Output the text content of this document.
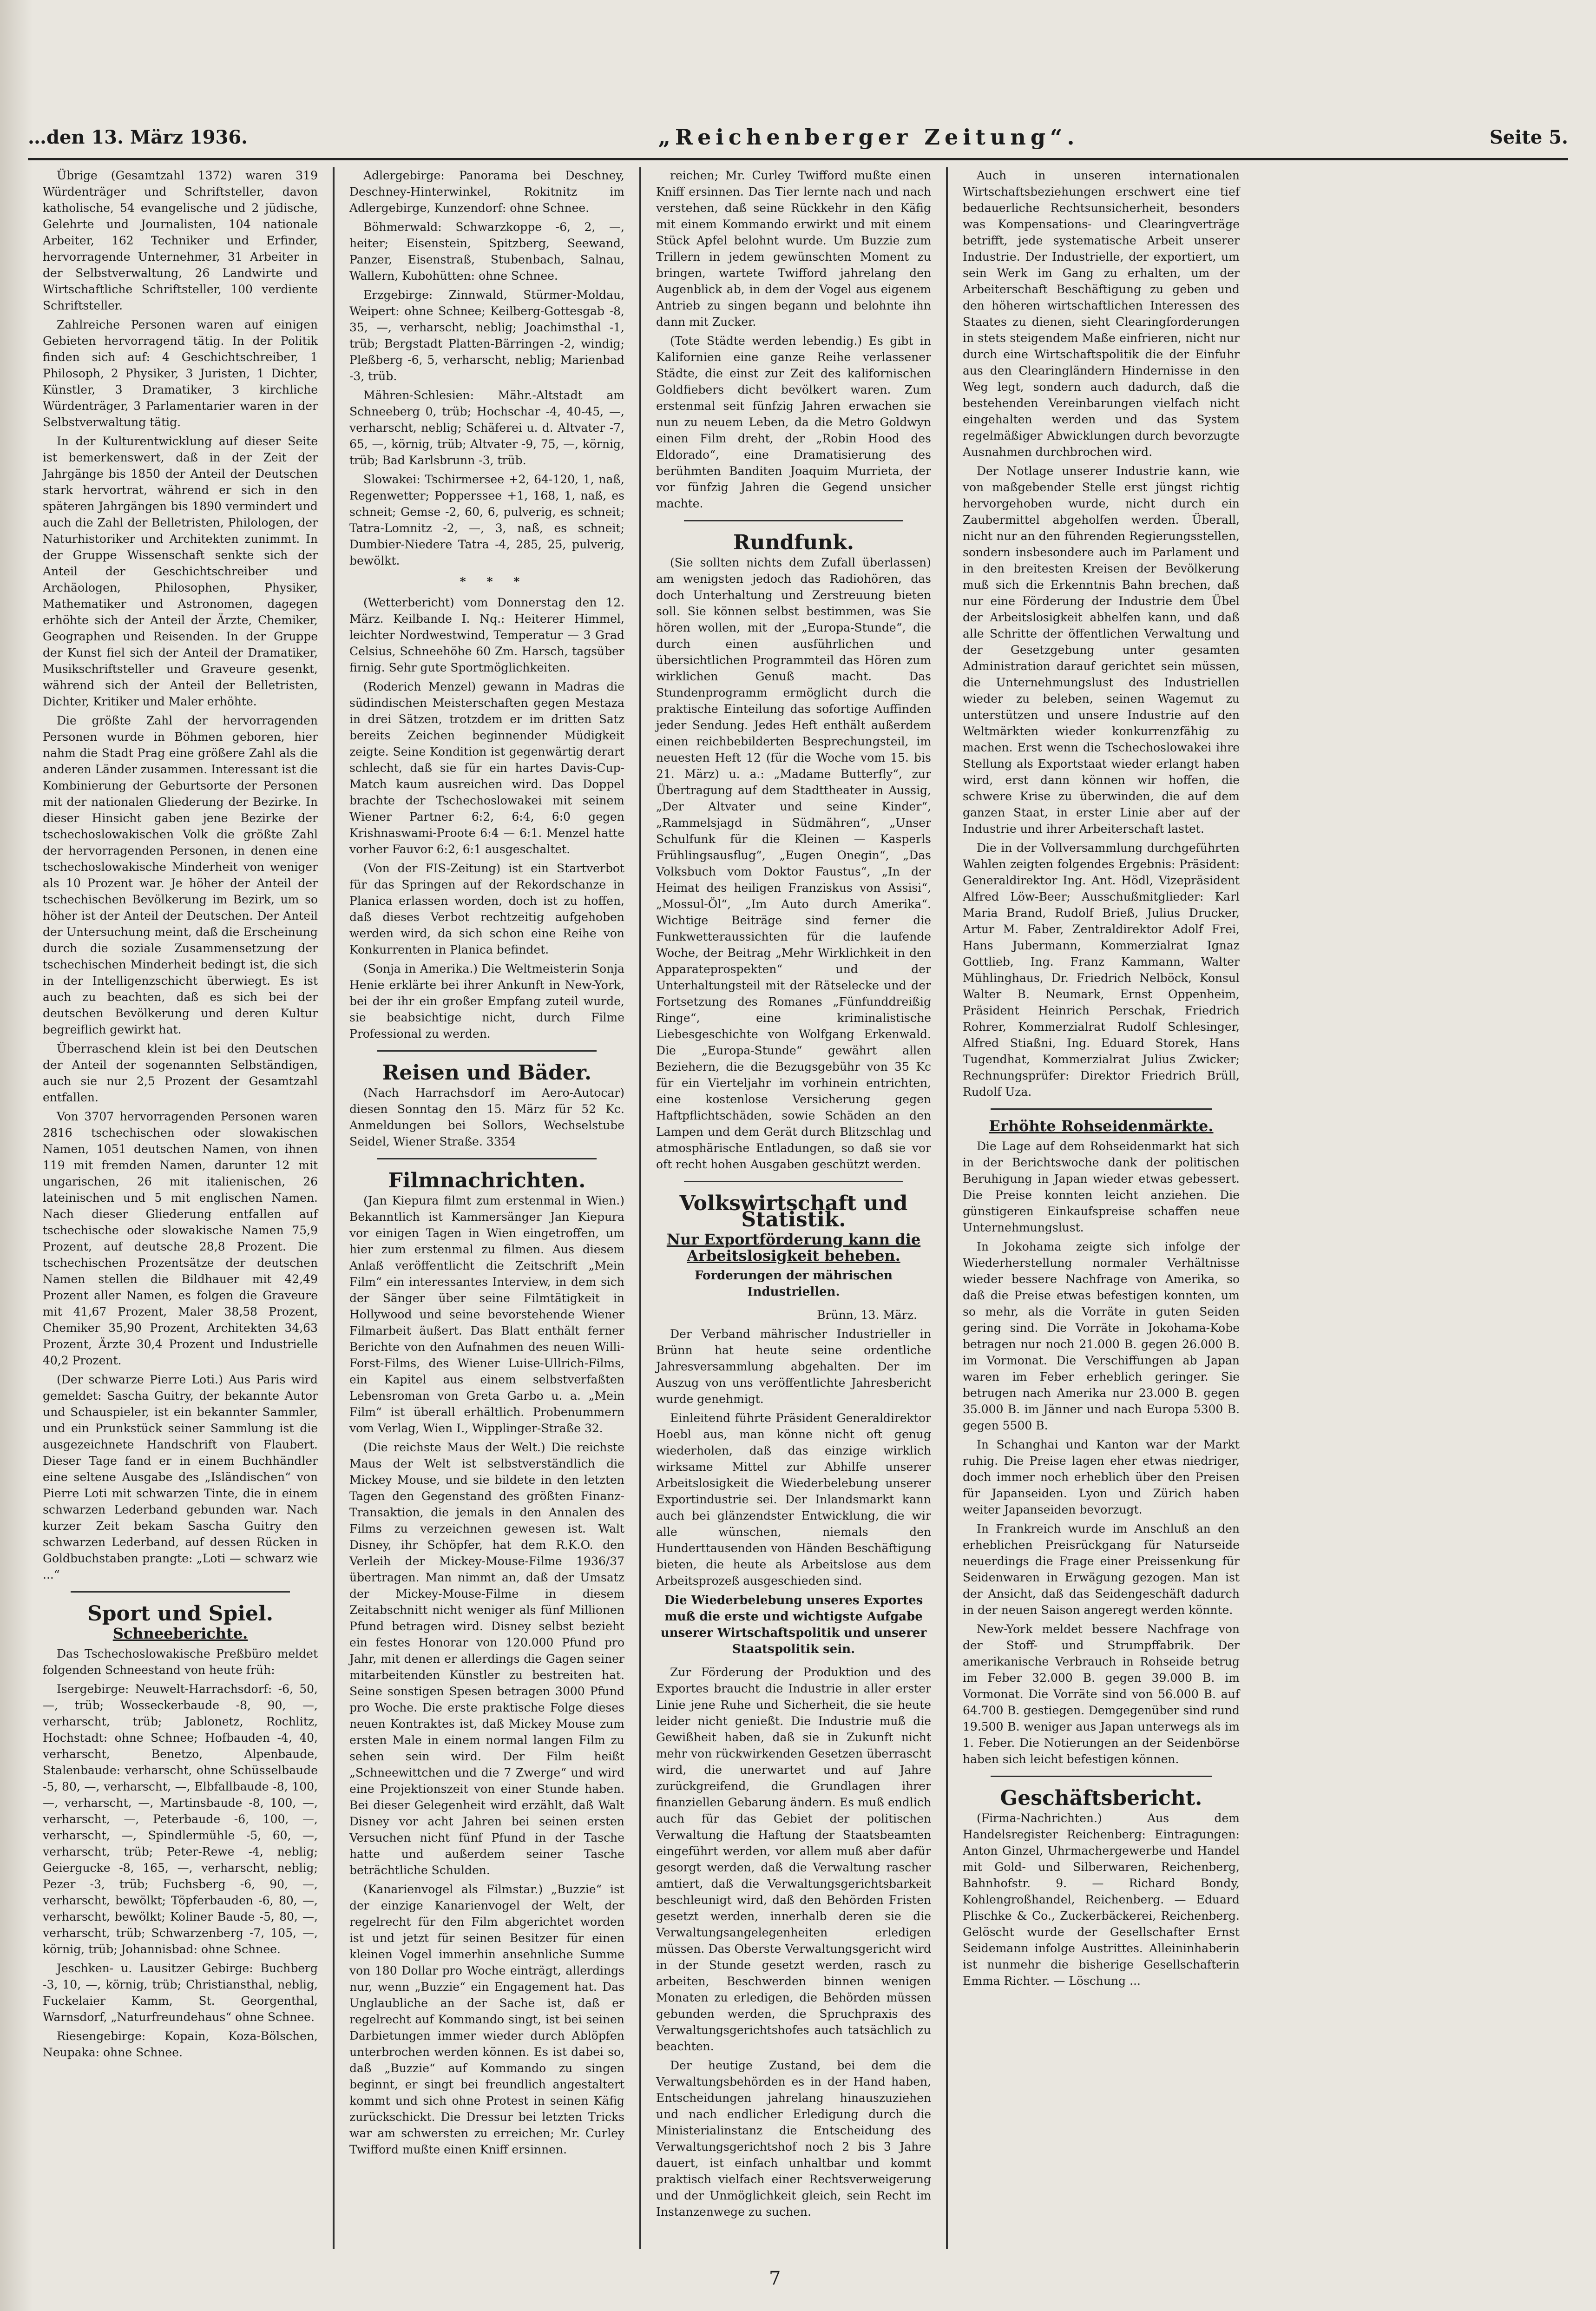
…den 13. März 1936.	„Reichenberger Zeitung“.	Seite 5.

Übrige (Gesamtzahl 1372) waren 319 Würdenträger und Schriftsteller, davon katholische, 54 evangelische und 2 jüdische, Gelehrte und Journalisten, 104 nationale Arbeiter, 162 Techniker und Erfinder, hervorragende Unternehmer, 31 Arbeiter in der Selbstverwaltung, 26 Landwirte und Wirtschaftliche Schriftsteller, 100 verdiente Schriftsteller.

Zahlreiche Personen waren auf einigen Gebieten hervorragend tätig. In der Politik finden sich auf: 4 Geschichtschreiber, 1 Philosoph, 2 Physiker, 3 Juristen, 1 Dichter, Künstler, 3 Dramatiker, 3 kirchliche Würdenträger, 3 Parlamentarier waren in der Selbstverwaltung tätig.

In der Kulturentwicklung auf dieser Seite ist bemerkenswert, daß in der Zeit der Jahrgänge bis 1850 der Anteil der Deutschen stark hervortrat, während er sich in den späteren Jahrgängen bis 1890 vermindert und auch die Zahl der Belletristen, Philologen, der Naturhistoriker und Architekten zunimmt. In der Gruppe Wissenschaft senkte sich der Anteil der Geschichtschreiber und Archäologen, Philosophen, Physiker, Mathematiker und Astronomen, dagegen erhöhte sich der Anteil der Ärzte, Chemiker, Geographen und Reisenden. In der Gruppe der Kunst fiel sich der Anteil der Dramatiker, Musikschriftsteller und Graveure gesenkt, während sich der Anteil der Belletristen, Dichter, Kritiker und Maler erhöhte.

Die größte Zahl der hervorragenden Personen wurde in Böhmen geboren, hier nahm die Stadt Prag eine größere Zahl als die anderen Länder zusammen. Interessant ist die Kombinierung der Geburtsorte der Personen mit der nationalen Gliederung der Bezirke. In dieser Hinsicht gaben jene Bezirke der tschechoslowakischen Volk die größte Zahl der hervorragenden Personen, in denen eine tschechoslowakische Minderheit von weniger als 10 Prozent war. Je höher der Anteil der tschechischen Bevölkerung im Bezirk, um so höher ist der Anteil der Deutschen. Der Anteil der Untersuchung meint, daß die Erscheinung durch die soziale Zusammensetzung der tschechischen Minderheit bedingt ist, die sich in der Intelligenzschicht überwiegt. Es ist auch zu beachten, daß es sich bei der deutschen Bevölkerung und deren Kultur begreiflich gewirkt hat.

Überraschend klein ist bei den Deutschen der Anteil der sogenannten Selbständigen, auch sie nur 2,5 Prozent der Gesamtzahl entfallen.

Von 3707 hervorragenden Personen waren 2816 tschechischen oder slowakischen Namen, 1051 deutschen Namen, von ihnen 119 mit fremden Namen, darunter 12 mit ungarischen, 26 mit italienischen, 26 lateinischen und 5 mit englischen Namen. Nach dieser Gliederung entfallen auf tschechische oder slowakische Namen 75,9 Prozent, auf deutsche 28,8 Prozent. Die tschechischen Prozentsätze der deutschen Namen stellen die Bildhauer mit 42,49 Prozent aller Namen, es folgen die Graveure mit 41,67 Prozent, Maler 38,58 Prozent, Chemiker 35,90 Prozent, Architekten 34,63 Prozent, Ärzte 30,4 Prozent und Industrielle 40,2 Prozent.

(Der schwarze Pierre Loti.) Aus Paris wird gemeldet: Sascha Guitry, der bekannte Autor und Schauspieler, ist ein bekannter Sammler, und ein Prunkstück seiner Sammlung ist die ausgezeichnete Handschrift von Flaubert. Dieser Tage fand er in einem Buchhändler eine seltene Ausgabe des „Isländischen“ von Pierre Loti mit schwarzen Tinte, die in einem schwarzen Lederband gebunden war. Nach kurzer Zeit bekam Sascha Guitry den schwarzen Lederband, auf dessen Rücken in Goldbuchstaben prangte: „Loti — schwarz wie ...“

Sport und Spiel.

Schneeberichte.

Das Tschechoslowakische Preßbüro meldet folgenden Schneestand von heute früh:

Isergebirge: Neuwelt-Harrachsdorf: -6, 50, —, trüb; Wosseckerbaude -8, 90, —, verharscht, trüb; Jablonetz, Rochlitz, Hochstadt: ohne Schnee; Hofbauden -4, 40, verharscht, Benetzo, Alpenbaude, Stalenbaude: verharscht, ohne Schüsselbaude -5, 80, —, verharscht, —, Elbfallbaude -8, 100, —, verharscht, —, Martinsbaude -8, 100, —, verharscht, —, Peterbaude -6, 100, —, verharscht, —, Spindlermühle -5, 60, —, verharscht, trüb; Peter-Rewe -4, neblig; Geiergucke -8, 165, —, verharscht, neblig; Pezer -3, trüb; Fuchsberg -6, 90, —, verharscht, bewölkt; Töpferbauden -6, 80, —, verharscht, bewölkt; Koliner Baude -5, 80, —, verharscht, trüb; Schwarzenberg -7, 105, —, körnig, trüb; Johannisbad: ohne Schnee.

Jeschken- u. Lausitzer Gebirge: Buchberg -3, 10, —, körnig, trüb; Christiansthal, neblig, Fuckelaier Kamm, St. Georgenthal, Warnsdorf, „Naturfreundehaus“ ohne Schnee.

Riesengebirge: Kopain, Koza-Bölschen, Neupaka: ohne Schnee.

Adlergebirge: Panorama bei Deschney, Deschney-Hinterwinkel, Rokitnitz im Adlergebirge, Kunzendorf: ohne Schnee.

Böhmerwald: Schwarzkoppe -6, 2, —, heiter; Eisenstein, Spitzberg, Seewand, Panzer, Eisenstraß, Stubenbach, Salnau, Wallern, Kubohütten: ohne Schnee.

Erzgebirge: Zinnwald, Stürmer-Moldau, Weipert: ohne Schnee; Keilberg-Gottesgab -8, 35, —, verharscht, neblig; Joachimsthal -1, trüb; Bergstadt Platten-Bärringen -2, windig; Pleßberg -6, 5, verharscht, neblig; Marienbad -3, trüb.

Mähren-Schlesien: Mähr.-Altstadt am Schneeberg 0, trüb; Hochschar -4, 40-45, —, verharscht, neblig; Schäferei u. d. Altvater -7, 65, —, körnig, trüb; Altvater -9, 75, —, körnig, trüb; Bad Karlsbrunn -3, trüb.

Slowakei: Tschirmersee +2, 64-120, 1, naß, Regenwetter; Popperssee +1, 168, 1, naß, es schneit; Gemse -2, 60, 6, pulverig, es schneit; Tatra-Lomnitz -2, —, 3, naß, es schneit; Dumbier-Niedere Tatra -4, 285, 25, pulverig, bewölkt.

* * *

(Wetterbericht) vom Donnerstag den 12. März. Keilbande I. Nq.: Heiterer Himmel, leichter Nordwestwind, Temperatur — 3 Grad Celsius, Schneehöhe 60 Zm. Harsch, tagsüber firnig. Sehr gute Sportmöglichkeiten.

(Roderich Menzel) gewann in Madras die südindischen Meisterschaften gegen Mestaza in drei Sätzen, trotzdem er im dritten Satz bereits Zeichen beginnender Müdigkeit zeigte. Seine Kondition ist gegenwärtig derart schlecht, daß sie für ein hartes Davis-Cup-Match kaum ausreichen wird. Das Doppel brachte der Tschechoslowakei mit seinem Wiener Partner 6:2, 6:4, 6:0 gegen Krishnaswami-Proote 6:4 — 6:1. Menzel hatte vorher Fauvor 6:2, 6:1 ausgeschaltet.

(Von der FIS-Zeitung) ist ein Startverbot für das Springen auf der Rekordschanze in Planica erlassen worden, doch ist zu hoffen, daß dieses Verbot rechtzeitig aufgehoben werden wird, da sich schon eine Reihe von Konkurrenten in Planica befindet.

(Sonja in Amerika.) Die Weltmeisterin Sonja Henie erklärte bei ihrer Ankunft in New-York, bei der ihr ein großer Empfang zuteil wurde, sie beabsichtige nicht, durch Filme Professional zu werden.

Reisen und Bäder.

(Nach Harrachsdorf im Aero-Autocar) diesen Sonntag den 15. März für 52 Kc. Anmeldungen bei Sollors, Wechselstube Seidel, Wiener Straße. 3354

Filmnachrichten.

(Jan Kiepura filmt zum erstenmal in Wien.) Bekanntlich ist Kammersänger Jan Kiepura vor einigen Tagen in Wien eingetroffen, um hier zum erstenmal zu filmen. Aus diesem Anlaß veröffentlicht die Zeitschrift „Mein Film“ ein interessantes Interview, in dem sich der Sänger über seine Filmtätigkeit in Hollywood und seine bevorstehende Wiener Filmarbeit äußert. Das Blatt enthält ferner Berichte von den Aufnahmen des neuen Willi-Forst-Films, des Wiener Luise-Ullrich-Films, ein Kapitel aus einem selbstverfaßten Lebensroman von Greta Garbo u. a. „Mein Film“ ist überall erhältlich. Probenummern vom Verlag, Wien I., Wipplinger-Straße 32.

(Die reichste Maus der Welt.) Die reichste Maus der Welt ist selbstverständlich die Mickey Mouse, und sie bildete in den letzten Tagen den Gegenstand des größten Finanz-Transaktion, die jemals in den Annalen des Films zu verzeichnen gewesen ist. Walt Disney, ihr Schöpfer, hat dem R.K.O. den Verleih der Mickey-Mouse-Filme 1936/37 übertragen. Man nimmt an, daß der Umsatz der Mickey-Mouse-Filme in diesem Zeitabschnitt nicht weniger als fünf Millionen Pfund betragen wird. Disney selbst bezieht ein festes Honorar von 120.000 Pfund pro Jahr, mit denen er allerdings die Gagen seiner mitarbeitenden Künstler zu bestreiten hat. Seine sonstigen Spesen betragen 3000 Pfund pro Woche. Die erste praktische Folge dieses neuen Kontraktes ist, daß Mickey Mouse zum ersten Male in einem normal langen Film zu sehen sein wird. Der Film heißt „Schneewittchen und die 7 Zwerge“ und wird eine Projektionszeit von einer Stunde haben. Bei dieser Gelegenheit wird erzählt, daß Walt Disney vor acht Jahren bei seinen ersten Versuchen nicht fünf Pfund in der Tasche hatte und außerdem seiner Tasche beträchtliche Schulden.

(Kanarienvogel als Filmstar.) „Buzzie“ ist der einzige Kanarienvogel der Welt, der regelrecht für den Film abgerichtet worden ist und jetzt für seinen Besitzer für einen kleinen Vogel immerhin ansehnliche Summe von 180 Dollar pro Woche einträgt, allerdings nur, wenn „Buzzie“ ein Engagement hat. Das Unglaubliche an der Sache ist, daß er regelrecht auf Kommando singt, ist bei seinen Darbietungen immer wieder durch Ablöpfen unterbrochen werden können. Es ist dabei so, daß „Buzzie“ auf Kommando zu singen beginnt, er singt bei freundlich angestaltert kommt und sich ohne Protest in seinen Käfig zurückschickt. Die Dressur bei letzten Tricks war am schwersten zu erreichen; Mr. Curley Twifford mußte einen Kniff ersinnen.

reichen; Mr. Curley Twifford mußte einen Kniff ersinnen. Das Tier lernte nach und nach verstehen, daß seine Rückkehr in den Käfig mit einem Kommando erwirkt und mit einem Stück Apfel belohnt wurde. Um Buzzie zum Trillern in jedem gewünschten Moment zu bringen, wartete Twifford jahrelang den Augenblick ab, in dem der Vogel aus eigenem Antrieb zu singen begann und belohnte ihn dann mit Zucker.

(Tote Städte werden lebendig.) Es gibt in Kalifornien eine ganze Reihe verlassener Städte, die einst zur Zeit des kalifornischen Goldfiebers dicht bevölkert waren. Zum erstenmal seit fünfzig Jahren erwachen sie nun zu neuem Leben, da die Metro Goldwyn einen Film dreht, der „Robin Hood des Eldorado“, eine Dramatisierung des berühmten Banditen Joaquim Murrieta, der vor fünfzig Jahren die Gegend unsicher machte.

Rundfunk.

(Sie sollten nichts dem Zufall überlassen) am wenigsten jedoch das Radiohören, das doch Unterhaltung und Zerstreuung bieten soll. Sie können selbst bestimmen, was Sie hören wollen, mit der „Europa-Stunde“, die durch einen ausführlichen und übersichtlichen Programmteil das Hören zum wirklichen Genuß macht. Das Stundenprogramm ermöglicht durch die praktische Einteilung das sofortige Auffinden jeder Sendung. Jedes Heft enthält außerdem einen reichbebilderten Besprechungsteil, im neuesten Heft 12 (für die Woche vom 15. bis 21. März) u. a.: „Madame Butterfly“, zur Übertragung auf dem Stadttheater in Aussig, „Der Altvater und seine Kinder“, „Rammelsjagd in Südmähren“, „Unser Schulfunk für die Kleinen — Kasperls Frühlingsausflug“, „Eugen Onegin“, „Das Volksbuch vom Doktor Faustus“, „In der Heimat des heiligen Franziskus von Assisi“, „Mossul-Öl“, „Im Auto durch Amerika“. Wichtige Beiträge sind ferner die Funkwetteraussichten für die laufende Woche, der Beitrag „Mehr Wirklichkeit in den Apparateprospekten“ und der Unterhaltungsteil mit der Rätselecke und der Fortsetzung des Romanes „Fünfunddreißig Ringe“, eine kriminalistische Liebesgeschichte von Wolfgang Erkenwald. Die „Europa-Stunde“ gewährt allen Beziehern, die die Bezugsgebühr von 35 Kc für ein Vierteljahr im vorhinein entrichten, eine kostenlose Versicherung gegen Haftpflichtschäden, sowie Schäden an den Lampen und dem Gerät durch Blitzschlag und atmosphärische Entladungen, so daß sie vor oft recht hohen Ausgaben geschützt werden.

Volkswirtschaft und Statistik.

Nur Exportförderung kann die Arbeitslosigkeit beheben.

Forderungen der mährischen Industriellen.

Brünn, 13. März.

Der Verband mährischer Industrieller in Brünn hat heute seine ordentliche Jahresversammlung abgehalten. Der im Auszug von uns veröffentlichte Jahresbericht wurde genehmigt.

Einleitend führte Präsident Generaldirektor Hoebl aus, man könne nicht oft genug wiederholen, daß das einzige wirklich wirksame Mittel zur Abhilfe unserer Arbeitslosigkeit die Wiederbelebung unserer Exportindustrie sei. Der Inlandsmarkt kann auch bei glänzendster Entwicklung, die wir alle wünschen, niemals den Hunderttausenden von Händen Beschäftigung bieten, die heute als Arbeitslose aus dem Arbeitsprozeß ausgeschieden sind.

Die Wiederbelebung unseres Exportes muß die erste und wichtigste Aufgabe unserer Wirtschaftspolitik und unserer Staatspolitik sein.

Zur Förderung der Produktion und des Exportes braucht die Industrie in aller erster Linie jene Ruhe und Sicherheit, die sie heute leider nicht genießt. Die Industrie muß die Gewißheit haben, daß sie in Zukunft nicht mehr von rückwirkenden Gesetzen überrascht wird, die unerwartet und auf Jahre zurückgreifend, die Grundlagen ihrer finanziellen Gebarung ändern. Es muß endlich auch für das Gebiet der politischen Verwaltung die Haftung der Staatsbeamten eingeführt werden, vor allem muß aber dafür gesorgt werden, daß die Verwaltung rascher amtiert, daß die Verwaltungsgerichtsbarkeit beschleunigt wird, daß den Behörden Fristen gesetzt werden, innerhalb deren sie die Verwaltungsangelegenheiten erledigen müssen. Das Oberste Verwaltungsgericht wird in der Stunde gesetzt werden, rasch zu arbeiten, Beschwerden binnen wenigen Monaten zu erledigen, die Behörden müssen gebunden werden, die Spruchpraxis des Verwaltungsgerichtshofes auch tatsächlich zu beachten.

Der heutige Zustand, bei dem die Verwaltungsbehörden es in der Hand haben, Entscheidungen jahrelang hinauszuziehen und nach endlicher Erledigung durch die Ministerialinstanz die Entscheidung des Verwaltungsgerichtshof noch 2 bis 3 Jahre dauert, ist einfach unhaltbar und kommt praktisch vielfach einer Rechtsverweigerung und der Unmöglichkeit gleich, sein Recht im Instanzenwege zu suchen.

Auch in unseren internationalen Wirtschaftsbeziehungen erschwert eine tief bedauerliche Rechtsunsicherheit, besonders was Kompensations- und Clearingverträge betrifft, jede systematische Arbeit unserer Industrie. Der Industrielle, der exportiert, um sein Werk im Gang zu erhalten, um der Arbeiterschaft Beschäftigung zu geben und den höheren wirtschaftlichen Interessen des Staates zu dienen, sieht Clearingforderungen in stets steigendem Maße einfrieren, nicht nur durch eine Wirtschaftspolitik die der Einfuhr aus den Clearingländern Hindernisse in den Weg legt, sondern auch dadurch, daß die bestehenden Vereinbarungen vielfach nicht eingehalten werden und das System regelmäßiger Abwicklungen durch bevorzugte Ausnahmen durchbrochen wird.

Der Notlage unserer Industrie kann, wie von maßgebender Stelle erst jüngst richtig hervorgehoben wurde, nicht durch ein Zaubermittel abgeholfen werden. Überall, nicht nur an den führenden Regierungsstellen, sondern insbesondere auch im Parlament und in den breitesten Kreisen der Bevölkerung muß sich die Erkenntnis Bahn brechen, daß nur eine Förderung der Industrie dem Übel der Arbeitslosigkeit abhelfen kann, und daß alle Schritte der öffentlichen Verwaltung und der Gesetzgebung unter gesamten Administration darauf gerichtet sein müssen, die Unternehmungslust des Industriellen wieder zu beleben, seinen Wagemut zu unterstützen und unsere Industrie auf den Weltmärkten wieder konkurrenzfähig zu machen. Erst wenn die Tschechoslowakei ihre Stellung als Exportstaat wieder erlangt haben wird, erst dann können wir hoffen, die schwere Krise zu überwinden, die auf dem ganzen Staat, in erster Linie aber auf der Industrie und ihrer Arbeiterschaft lastet.

Die in der Vollversammlung durchgeführten Wahlen zeigten folgendes Ergebnis: Präsident: Generaldirektor Ing. Ant. Hödl, Vizepräsident Alfred Löw-Beer; Ausschußmitglieder: Karl Maria Brand, Rudolf Brieß, Julius Drucker, Artur M. Faber, Zentraldirektor Adolf Frei, Hans Jubermann, Kommerzialrat Ignaz Gottlieb, Ing. Franz Kammann, Walter Mühlinghaus, Dr. Friedrich Nelböck, Konsul Walter B. Neumark, Ernst Oppenheim, Präsident Heinrich Perschak, Friedrich Rohrer, Kommerzialrat Rudolf Schlesinger, Alfred Stiaßni, Ing. Eduard Storek, Hans Tugendhat, Kommerzialrat Julius Zwicker; Rechnungsprüfer: Direktor Friedrich Brüll, Rudolf Uza.

Erhöhte Rohseidenmärkte.

Die Lage auf dem Rohseidenmarkt hat sich in der Berichtswoche dank der politischen Beruhigung in Japan wieder etwas gebessert. Die Preise konnten leicht anziehen. Die günstigeren Einkaufspreise schaffen neue Unternehmungslust.

In Jokohama zeigte sich infolge der Wiederherstellung normaler Verhältnisse wieder bessere Nachfrage von Amerika, so daß die Preise etwas befestigen konnten, um so mehr, als die Vorräte in guten Seiden gering sind. Die Vorräte in Jokohama-Kobe betragen nur noch 21.000 B. gegen 26.000 B. im Vormonat. Die Verschiffungen ab Japan waren im Feber erheblich geringer. Sie betrugen nach Amerika nur 23.000 B. gegen 35.000 B. im Jänner und nach Europa 5300 B. gegen 5500 B.

In Schanghai und Kanton war der Markt ruhig. Die Preise lagen eher etwas niedriger, doch immer noch erheblich über den Preisen für Japanseiden. Lyon und Zürich haben weiter Japanseiden bevorzugt.

In Frankreich wurde im Anschluß an den erheblichen Preisrückgang für Naturseide neuerdings die Frage einer Preissenkung für Seidenwaren in Erwägung gezogen. Man ist der Ansicht, daß das Seidengeschäft dadurch in der neuen Saison angeregt werden könnte.

New-York meldet bessere Nachfrage von der Stoff- und Strumpffabrik. Der amerikanische Verbrauch in Rohseide betrug im Feber 32.000 B. gegen 39.000 B. im Vormonat. Die Vorräte sind von 56.000 B. auf 64.700 B. gestiegen. Demgegenüber sind rund 19.500 B. weniger aus Japan unterwegs als im 1. Feber. Die Notierungen an der Seidenbörse haben sich leicht befestigen können.

Geschäftsbericht.

(Firma-Nachrichten.) Aus dem Handelsregister Reichenberg: Eintragungen: Anton Ginzel, Uhrmachergewerbe und Handel mit Gold- und Silberwaren, Reichenberg, Bahnhofstr. 9. — Richard Bondy, Kohlengroßhandel, Reichenberg. — Eduard Plischke & Co., Zuckerbäckerei, Reichenberg. Gelöscht wurde der Gesellschafter Ernst Seidemann infolge Austrittes. Alleininhaberin ist nunmehr die bisherige Gesellschafterin Emma Richter. — Löschung ...

7
